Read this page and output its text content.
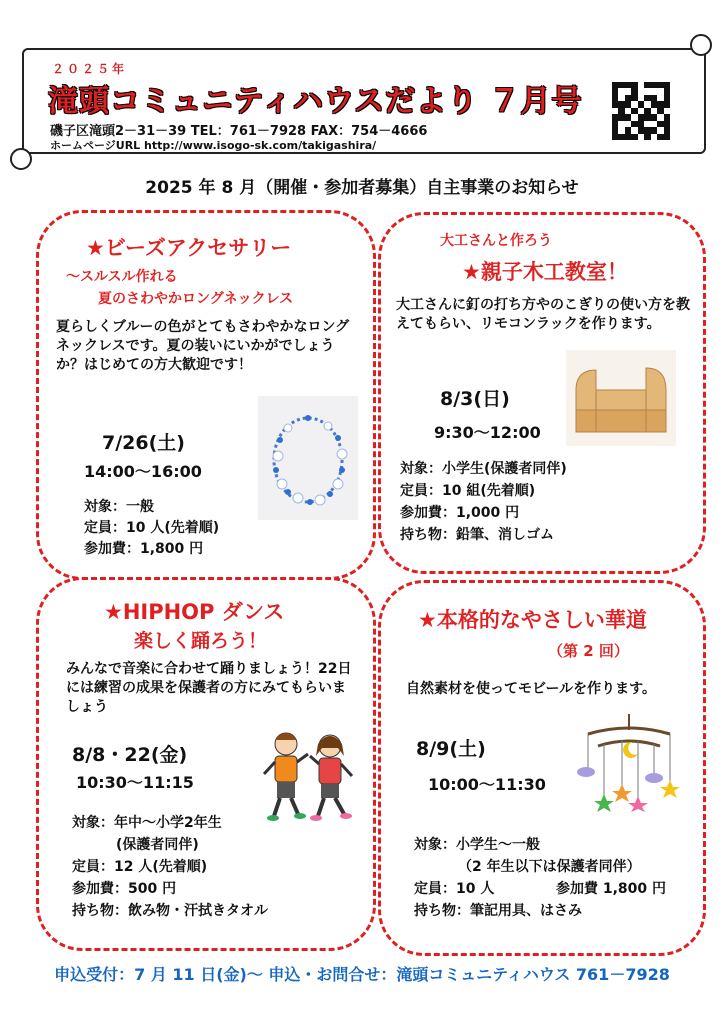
２０２５年
滝頭コミュニティハウスだより ７月号
磯子区滝頭2－31－39 TEL：761－7928 FAX：754－4666
ホームページURL http://www.isogo-sk.com/takigashira/
2025 年 8 月（開催・参加者募集）自主事業のお知らせ
★ビーズアクセサリー
～スルスル作れる
夏のさわやかロングネックレス
夏らしくブルーの色がとてもさわやかなロングネックレスです。夏の装いにいかがでしょうか？はじめての方大歓迎です！
7/26(土)
14:00～16:00
対象：一般
定員：10 人(先着順)
参加費：1,800 円
大工さんと作ろう
★親子木工教室！
大工さんに釘の打ち方やのこぎりの使い方を教えてもらい、リモコンラックを作ります。
8/3(日)
9:30～12:00
対象：小学生(保護者同伴)
定員：10 組(先着順)
参加費：1,000 円
持ち物：鉛筆、消しゴム
★HIPHOP ダンス
楽しく踊ろう！
みんなで音楽に合わせて踊りましょう！22日には練習の成果を保護者の方にみてもらいましょう
8/8・22(金)
10:30～11:15
対象：年中～小学2年生
(保護者同伴)
定員：12 人(先着順)
参加費：500 円
持ち物：飲み物・汗拭きタオル
★本格的なやさしい華道
（第 2 回）
自然素材を使ってモビールを作ります。
8/9(土)
10:00～11:30
対象：小学生～一般
（2 年生以下は保護者同伴）
定員：10 人	参加費 1,800 円
持ち物：筆記用具、はさみ
申込受付：7 月 11 日(金)～ 申込・お問合せ：滝頭コミュニティハウス 761－7928
